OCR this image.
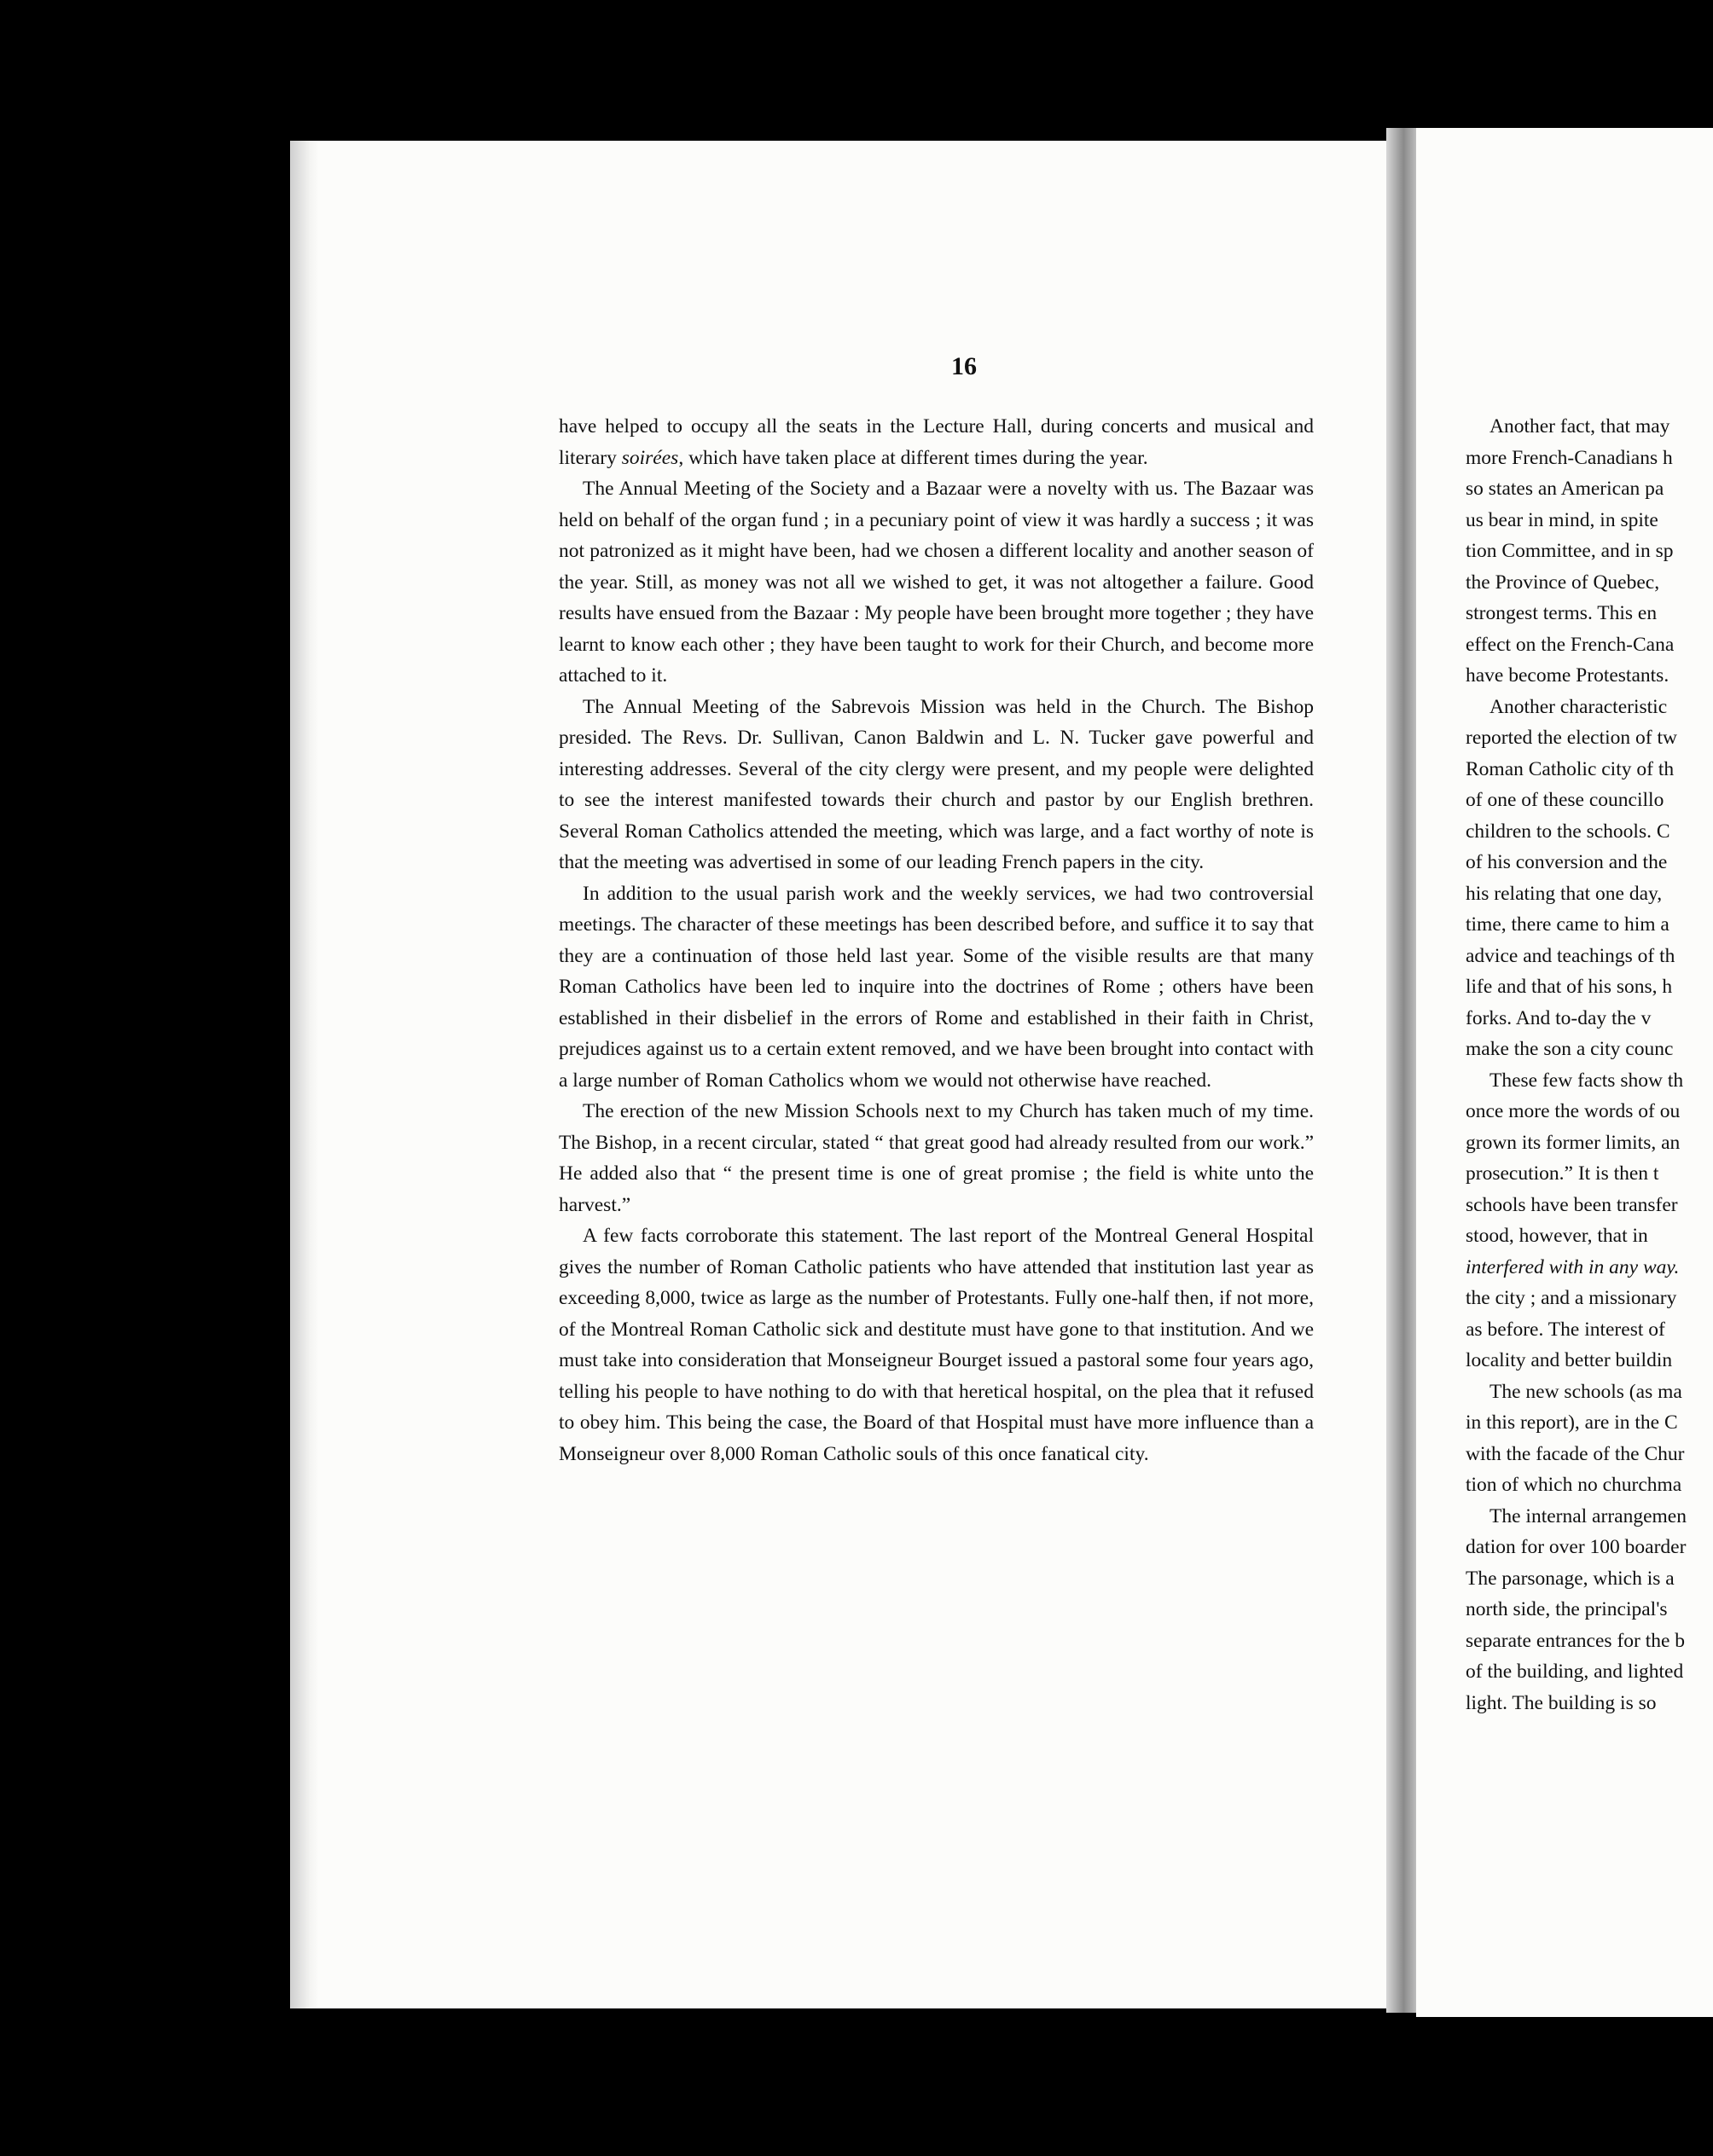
16

have helped to occupy all the seats in the Lecture Hall, during concerts and musical and literary soirées, which have taken place at different times during the year.

The Annual Meeting of the Society and a Bazaar were a novelty with us. The Bazaar was held on behalf of the organ fund ; in a pecuniary point of view it was hardly a success ; it was not patronized as it might have been, had we chosen a different locality and another season of the year. Still, as money was not all we wished to get, it was not altogether a failure. Good results have ensued from the Bazaar : My people have been brought more together ; they have learnt to know each other ; they have been taught to work for their Church, and become more attached to it.

The Annual Meeting of the Sabrevois Mission was held in the Church. The Bishop presided. The Revs. Dr. Sullivan, Canon Baldwin and L. N. Tucker gave powerful and interesting addresses. Several of the city clergy were present, and my people were delighted to see the interest manifested towards their church and pastor by our English brethren. Several Roman Catholics attended the meeting, which was large, and a fact worthy of note is that the meeting was advertised in some of our leading French papers in the city.

In addition to the usual parish work and the weekly services, we had two controversial meetings. The character of these meetings has been described before, and suffice it to say that they are a continuation of those held last year. Some of the visible results are that many Roman Catholics have been led to inquire into the doctrines of Rome ; others have been established in their disbelief in the errors of Rome and established in their faith in Christ, prejudices against us to a certain extent removed, and we have been brought into contact with a large number of Roman Catholics whom we would not otherwise have reached.

The erection of the new Mission Schools next to my Church has taken much of my time. The Bishop, in a recent circular, stated “ that great good had already resulted from our work.” He added also that “ the present time is one of great promise ; the field is white unto the harvest.”

A few facts corroborate this statement. The last report of the Montreal General Hospital gives the number of Roman Catholic patients who have attended that institution last year as exceeding 8,000, twice as large as the number of Protestants. Fully one-half then, if not more, of the Montreal Roman Catholic sick and destitute must have gone to that institution. And we must take into consideration that Monseigneur Bourget issued a pastoral some four years ago, telling his people to have nothing to do with that heretical hospital, on the plea that it refused to obey him. This being the case, the Board of that Hospital must have more influence than a Monseigneur over 8,000 Roman Catholic souls of this once fanatical city.

Another fact, that may
more French-Canadians h
so states an American pa
us bear in mind, in spite
tion Committee, and in sp
the Province of Quebec,
strongest terms. This en
effect on the French-Cana
have become Protestants.
Another characteristic
reported the election of tw
Roman Catholic city of th
of one of these councillo
children to the schools. C
of his conversion and the
his relating that one day,
time, there came to him a
advice and teachings of th
life and that of his sons, h
forks. And to-day the v
make the son a city counc
These few facts show th
once more the words of ou
grown its former limits, an
prosecution.” It is then t
schools have been transfer
stood, however, that in
interfered with in any way.
the city ; and a missionary
as before. The interest of
locality and better buildin
The new schools (as ma
in this report), are in the C
with the facade of the Chur
tion of which no churchma
The internal arrangemen
dation for over 100 boarder
The parsonage, which is a
north side, the principal's
separate entrances for the b
of the building, and lighted
light. The building is so
